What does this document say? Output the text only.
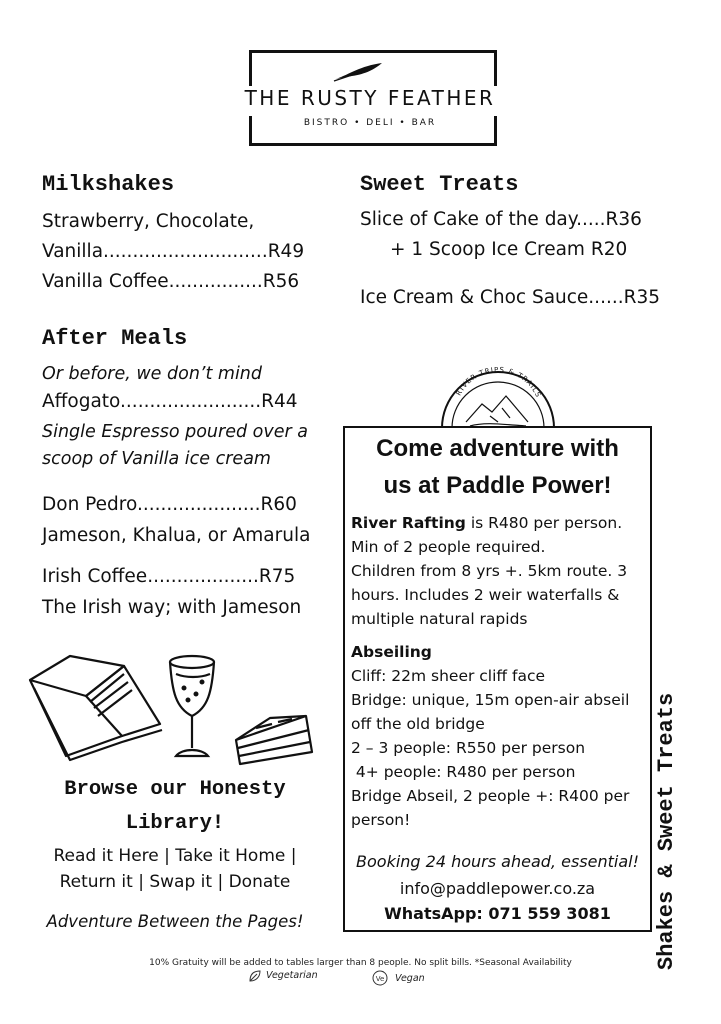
THE RUSTY FEATHER
BISTRO • DELI • BAR
Milkshakes
Strawberry, Chocolate,
Vanilla............................R49
Vanilla Coffee................R56
After Meals
Or before, we don’t mind
Affogato........................R44
Single Espresso poured over a
scoop of Vanilla ice cream
Don Pedro.....................R60
Jameson, Khalua, or Amarula
Irish Coffee...................R75
The Irish way; with Jameson
Sweet Treats
Slice of Cake of the day.....R36
+ 1 Scoop Ice Cream R20
Ice Cream & Choc Sauce......R35
Browse our Honesty
Library!
Read it Here | Take it Home |
Return it | Swap it | Donate
Adventure Between the Pages!
RIVER TRIPS & TRAILS
Come adventure with
us at Paddle Power!
River Rafting is R480 per person.
Min of 2 people required.
Children from 8 yrs +. 5km route. 3
hours. Includes 2 weir waterfalls &
multiple natural rapids
Abseiling
Cliff: 22m sheer cliff face
Bridge: unique, 15m open-air abseil
off the old bridge
2 – 3 people: R550 per person
4+ people: R480 per person
Bridge Abseil, 2 people +: R400 per
person!
Booking 24 hours ahead, essential!
info@paddlepower.co.za
WhatsApp: 071 559 3081	Shakes & Sweet Treats
10% Gratuity will be added to tables larger than 8 people. No split bills. *Seasonal Availability
Vegetarian	Ve Vegan
